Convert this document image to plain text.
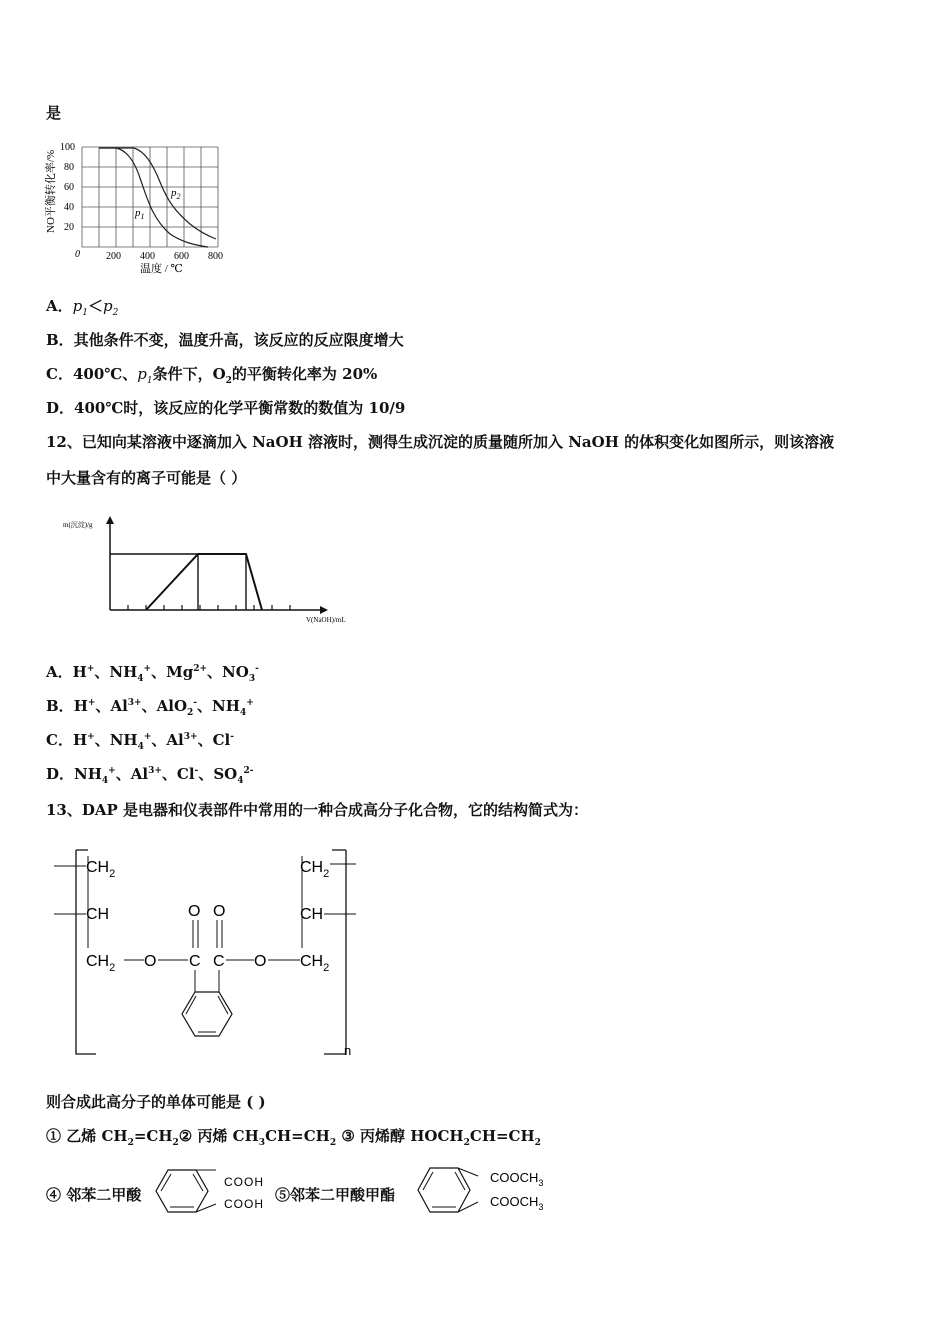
是
NO平衡转化率/%
100
80
60
40
20
0	200 400 600 800
温度 / ℃
$p_1$
$p_2$
A．$p_1<p_2$
B．其他条件不变，温度升高，该反应的反应限度增大
C．400℃、$p_1$条件下，$O_2$的平衡转化率为 20%
D．400℃时，该反应的化学平衡常数的数值为 10/9
12、已知向某溶液中逐滴加入 NaOH 溶液时，测得生成沉淀的质量随所加入 NaOH 的体积变化如图所示，则该溶液
中大量含有的离子可能是（ ）
m(沉淀)/g
V(NaOH)/mL
A．H+、$NH_4^+$、$Mg^{2+}$、$NO_3^-$
B．H+、$Al^{3+}$、AlO$_2$-、$NH_4^+$
C．H+、$NH_4^+$、$Al^{3+}$、Cl-
D．$NH_4^+$、$Al^{3+}$、Cl-、$SO_4^{2-}$
13、DAP 是电器和仪表部件中常用的一种合成高分子化合物，它的结构简式为：
n
$CH_2$
CH
$CH_2$ O C
O
C
O
O $CH_2$
$CH_2$
CH
则合成此高分子的单体可能是 ( )
① 乙烯 $CH_2=CH_2②$ 丙烯 $CH_3CH=CH_2$ ③ 丙烯醇 $HOCH_2CH=CH_2$
④ 邻苯二甲酸
COOH
COOH ⑤邻苯二甲酸甲酯
$COOCH_3$
$COOCH_3$
